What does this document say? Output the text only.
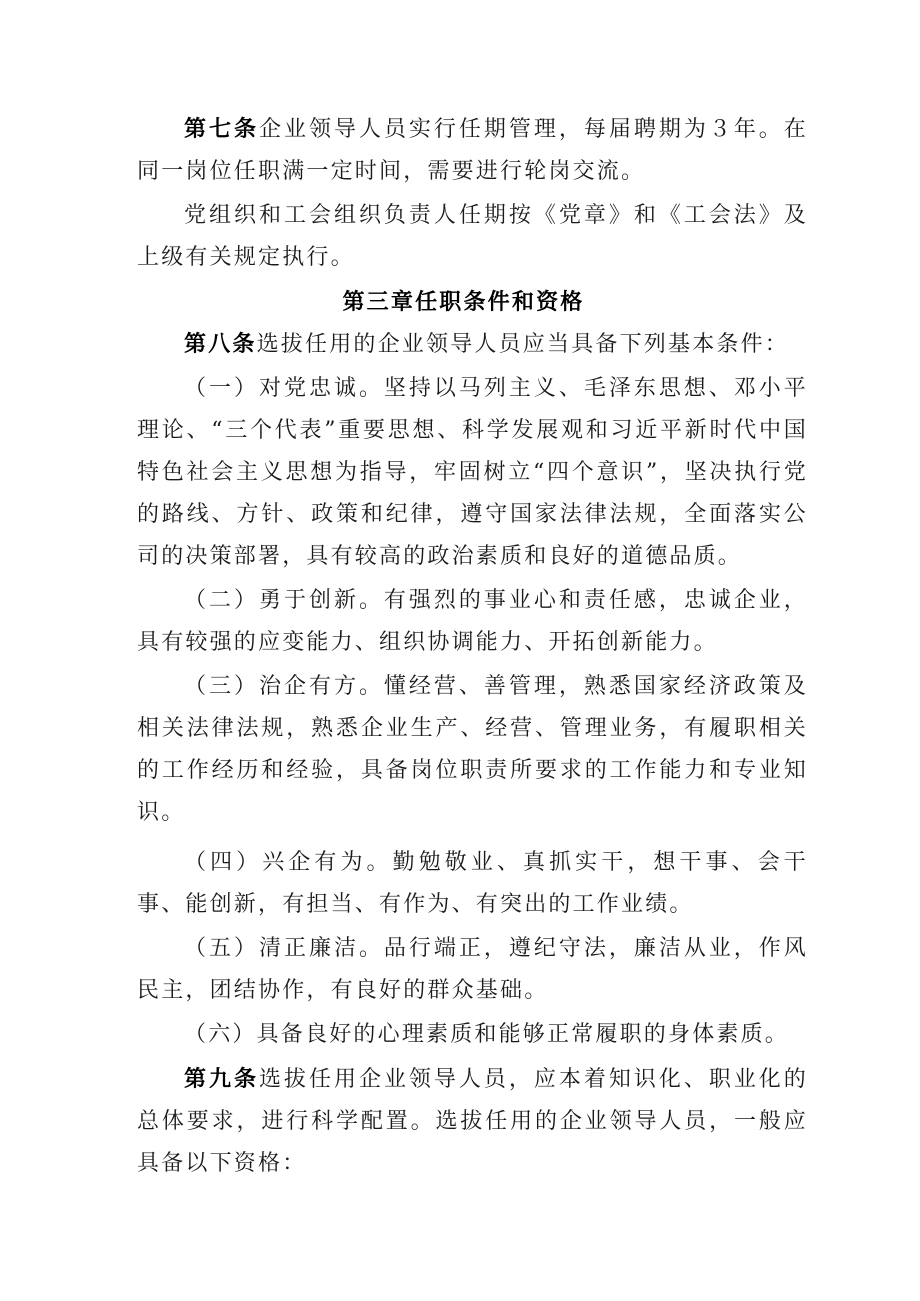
第七条企业领导人员实行任期管理，每届聘期为３年。在同一岗位任职满一定时间，需要进行轮岗交流。

党组织和工会组织负责人任期按《党章》和《工会法》及上级有关规定执行。

第三章任职条件和资格

第八条选拔任用的企业领导人员应当具备下列基本条件：

（一）对党忠诚。坚持以马列主义、毛泽东思想、邓小平理论、“三个代表”重要思想、科学发展观和习近平新时代中国特色社会主义思想为指导，牢固树立“四个意识”，坚决执行党的路线、方针、政策和纪律，遵守国家法律法规，全面落实公司的决策部署，具有较高的政治素质和良好的道德品质。

（二）勇于创新。有强烈的事业心和责任感，忠诚企业，具有较强的应变能力、组织协调能力、开拓创新能力。

（三）治企有方。懂经营、善管理，熟悉国家经济政策及相关法律法规，熟悉企业生产、经营、管理业务，有履职相关的工作经历和经验，具备岗位职责所要求的工作能力和专业知识。

（四）兴企有为。勤勉敬业、真抓实干，想干事、会干事、能创新，有担当、有作为、有突出的工作业绩。

（五）清正廉洁。品行端正，遵纪守法，廉洁从业，作风民主，团结协作，有良好的群众基础。

（六）具备良好的心理素质和能够正常履职的身体素质。

第九条选拔任用企业领导人员，应本着知识化、职业化的总体要求，进行科学配置。选拔任用的企业领导人员，一般应具备以下资格：
